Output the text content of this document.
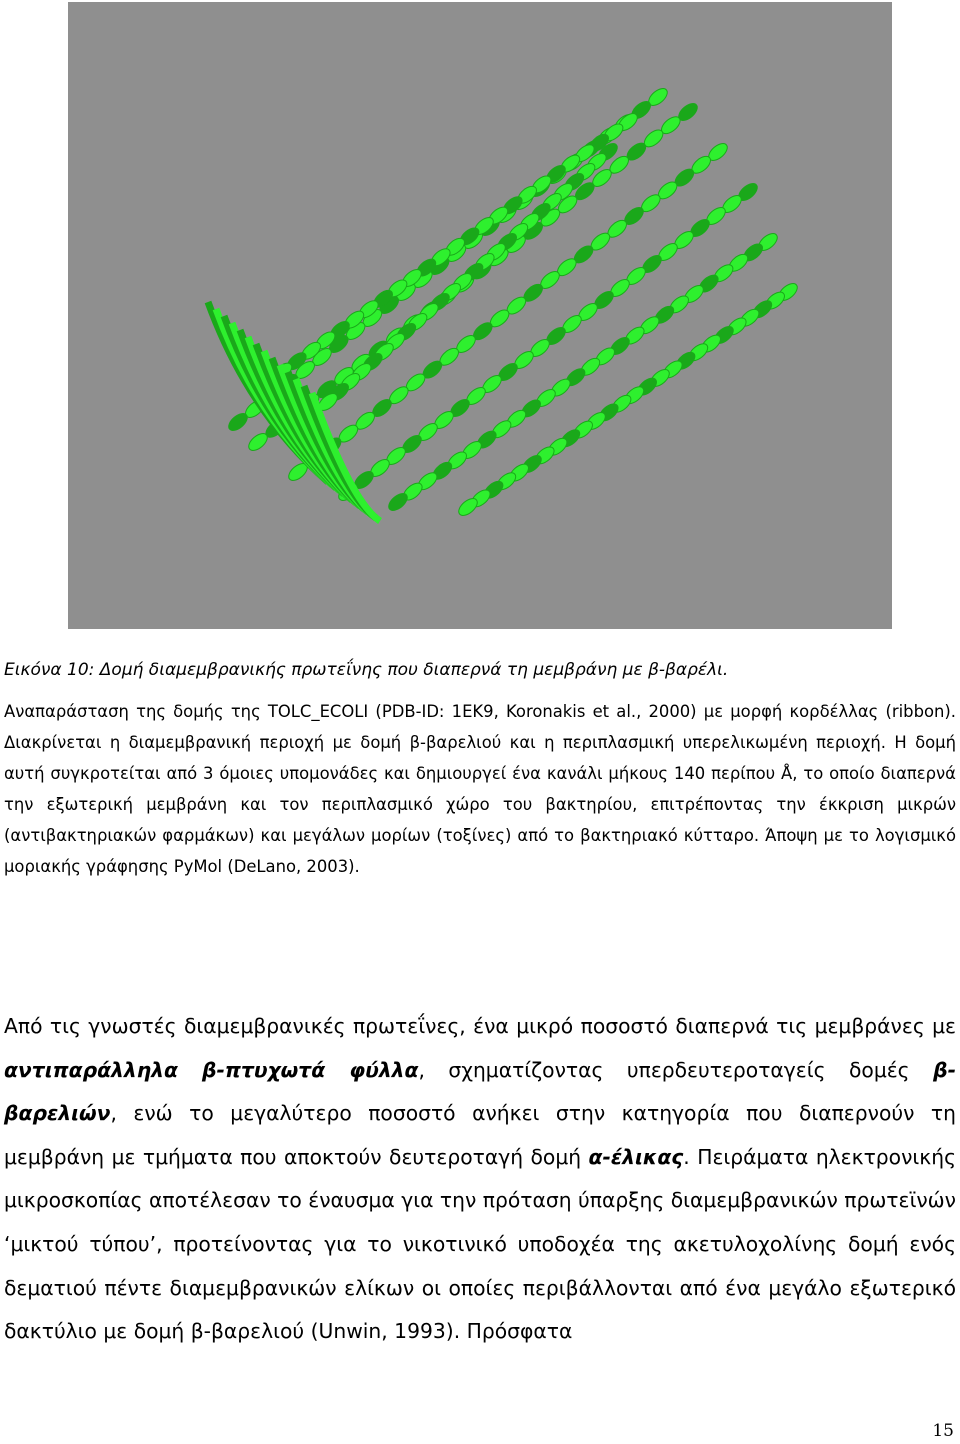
Εικόνα 10: Δομή διαμεμβρανικής πρωτεΐνης που διαπερνά τη μεμβράνη με β-βαρέλι.
Αναπαράσταση της δομής της TOLC_ECOLI (PDB-ID: 1EK9, Koronakis et al., 2000) με μορφή κορδέλλας (ribbon). Διακρίνεται η διαμεμβρανική περιοχή με δομή β-βαρελιού και η περιπλασμική υπερελικωμένη περιοχή. Η δομή αυτή συγκροτείται από 3 όμοιες υπομονάδες και δημιουργεί ένα κανάλι μήκους 140 περίπου Å, το οποίο διαπερνά την εξωτερική μεμβράνη και τον περιπλασμικό χώρο του βακτηρίου, επιτρέποντας την έκκριση μικρών (αντιβακτηριακών φαρμάκων) και μεγάλων μορίων (τοξίνες) από το βακτηριακό κύτταρο. Άποψη με το λογισμικό μοριακής γράφησης PyMol (DeLano, 2003).
Από τις γνωστές διαμεμβρανικές πρωτεΐνες, ένα μικρό ποσοστό διαπερνά τις μεμβράνες με αντιπαράλληλα β-πτυχωτά φύλλα, σχηματίζοντας υπερδευτεροταγείς δομές β-βαρελιών, ενώ το μεγαλύτερο ποσοστό ανήκει στην κατηγορία που διαπερνούν τη μεμβράνη με τμήματα που αποκτούν δευτεροταγή δομή α-έλικας. Πειράματα ηλεκτρονικής μικροσκοπίας αποτέλεσαν το έναυσμα για την πρόταση ύπαρξης διαμεμβρανικών πρωτεϊνών ‘μικτού τύπου’, προτείνοντας για το νικοτινικό υποδοχέα της ακετυλοχολίνης δομή ενός δεματιού πέντε διαμεμβρανικών ελίκων οι οποίες περιβάλλονται από ένα μεγάλο εξωτερικό δακτύλιο με δομή β-βαρελιού (Unwin, 1993). Πρόσφατα
15
